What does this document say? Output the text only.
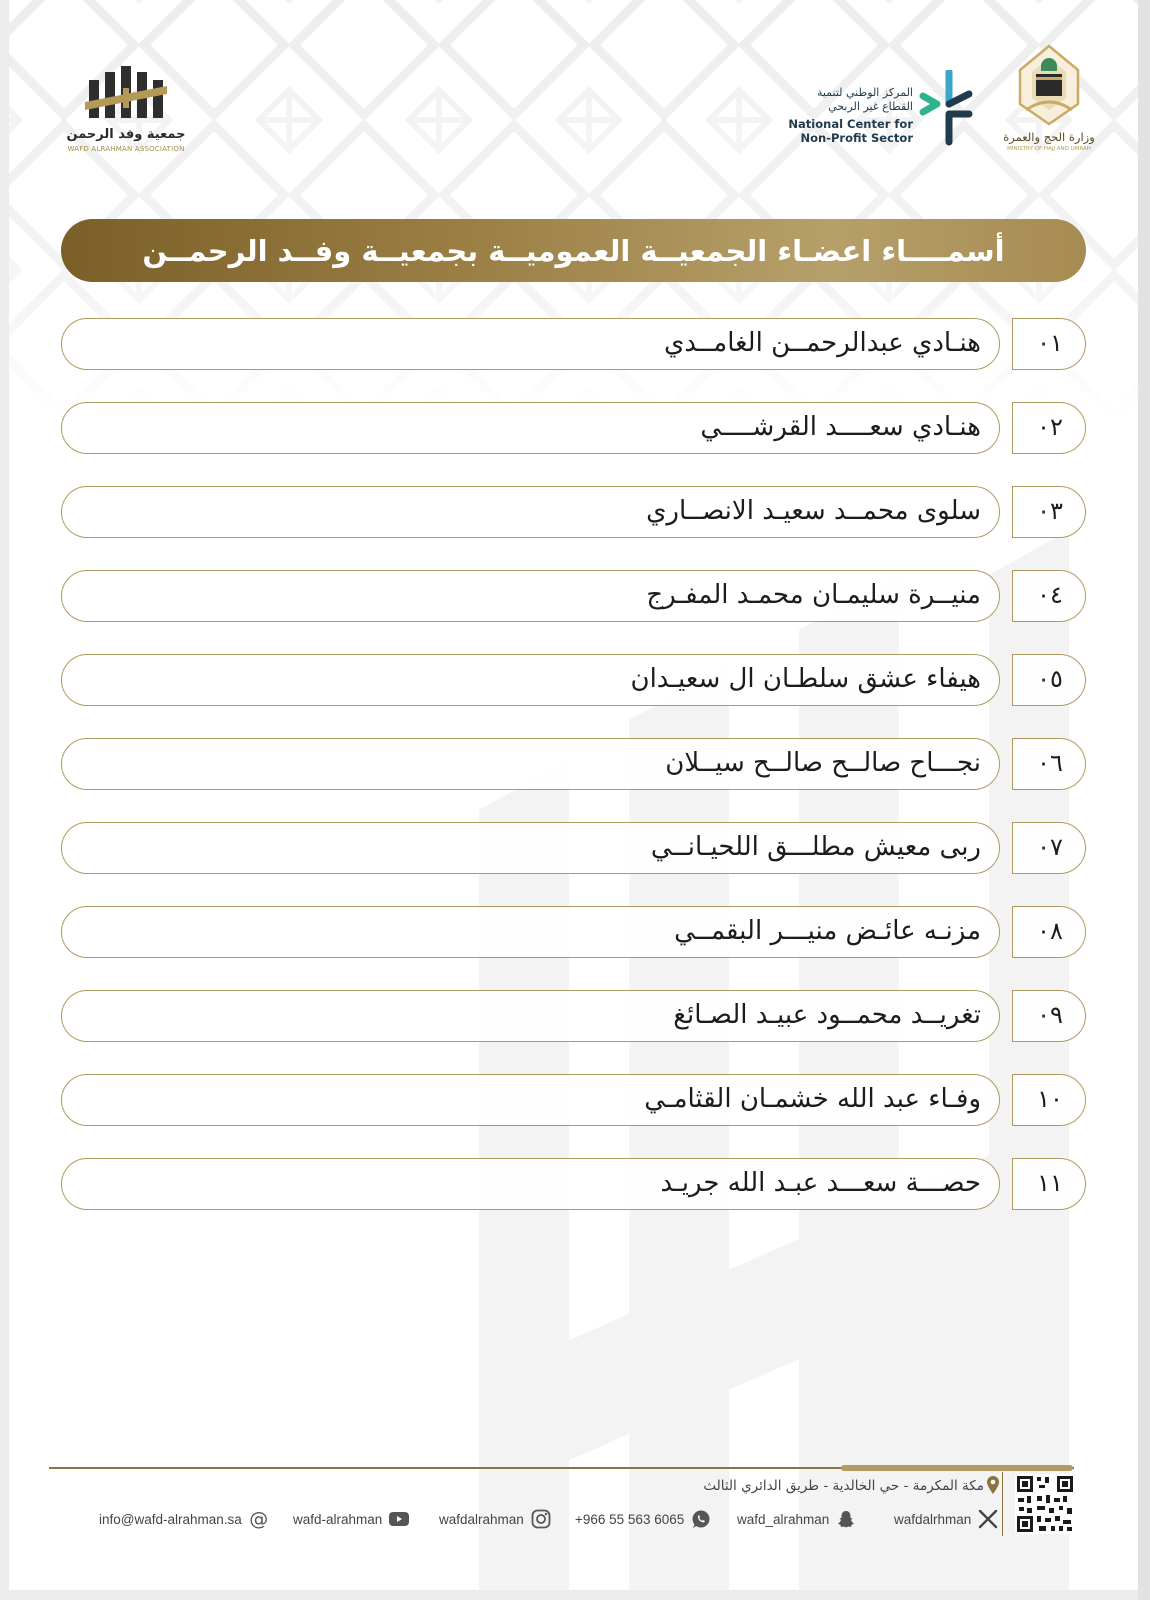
جمعية وفد الرحمن
WAFD ALRAHMAN ASSOCIATION
المركز الوطني لتنمية
القطاع غير الربحي
National Center for
Non-Profit Sector	وزارة الحج والعمرة
MINISTRY OF HAJJ AND UMRAH
أسمــــاء اعضـاء الجمعيــة العموميــة بجمعيــة وفــد الرحمــن
هنـادي عبدالرحمــن الغامــدي	٠١
هنـادي سعــــد القرشــــي	٠٢
سلوى محمــد سعيـد الانصــاري	٠٣
منيــرة سليمـان محمـد المفـرج	٠٤
هيفاء عشق سلطـان ال سعيـدان	٠٥
نجـــاح صالــح صالــح سيــلان	٠٦
ربى معيش مطلـــق اللحيـانــي	٠٧
مزنـه عائـض منيـــر البقمــي	٠٨
تغريــد محمــود عبيـد الصـائغ	٠٩
وفـاء عبد الله خشمـان القثامـي	١٠
حصـــة سعـــد عبـد الله جريـد	١١
مكة المكرمة - حي الخالدية - طريق الدائري الثالث
wafdalrhman
wafd_alrahman
+966 55 563 6065
wafdalrahman
wafd-alrahman
info@wafd-alrahman.sa @
